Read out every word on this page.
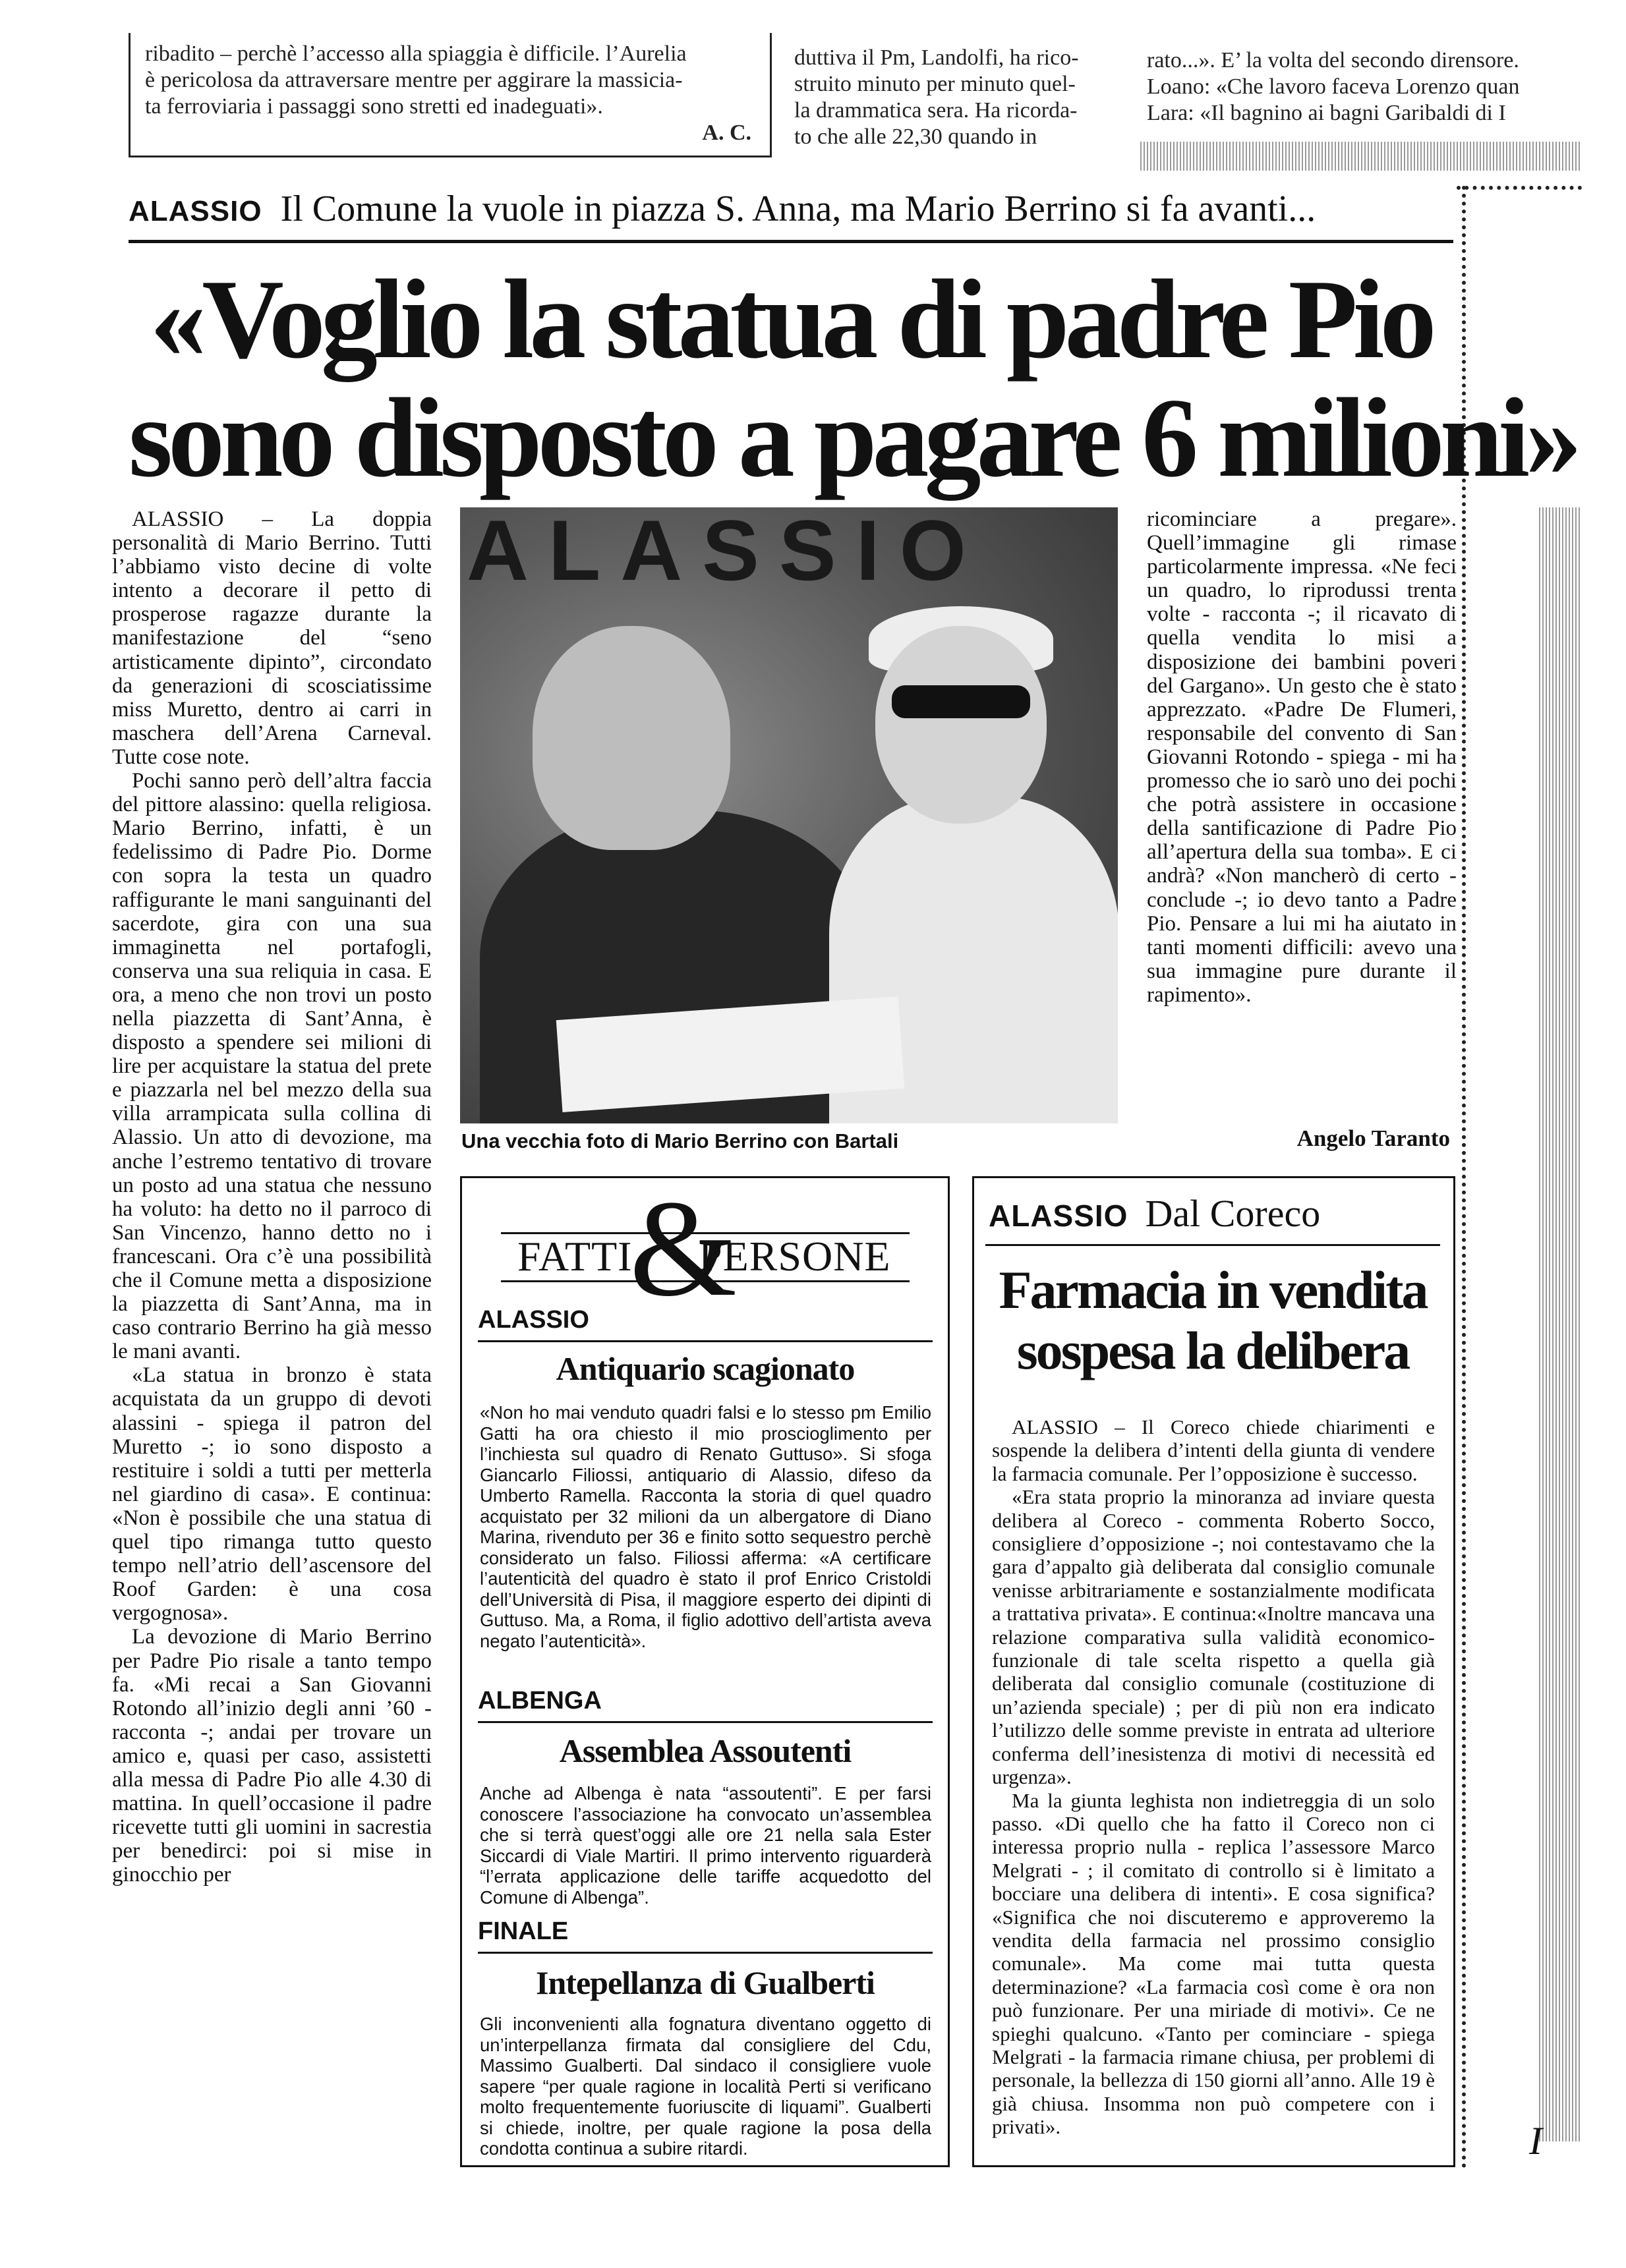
ribadito – perchè l’accesso alla spiaggia è difficile. l’Aurelia
è pericolosa da attraversare mentre per aggirare la massicia-
ta ferroviaria i passaggi sono stretti ed inadeguati».
A. C.
duttiva il Pm, Landolfi, ha rico-
struito minuto per minuto quel-
la drammatica sera. Ha ricorda-
to che alle 22,30 quando in
rato...». E’ la volta del secondo dirensore.
Loano: «Che lavoro faceva Lorenzo quan
Lara: «Il bagnino ai bagni Garibaldi di I
ALASSIO Il Comune la vuole in piazza S. Anna, ma Mario Berrino si fa avanti...
«Voglio la statua di padre Pio
sono disposto a pagare 6 milioni»

ALASSIO – La doppia personalità di Mario Berrino. Tutti l’abbiamo visto decine di volte intento a decorare il petto di prosperose ragazze durante la manifestazione del “seno artisticamente dipinto”, circondato da generazioni di scosciatissime miss Muretto, dentro ai carri in maschera dell’Arena Carneval. Tutte cose note.

Pochi sanno però dell’altra faccia del pittore alassino: quella religiosa. Mario Berrino, infatti, è un fedelissimo di Padre Pio. Dorme con sopra la testa un quadro raffigurante le mani sanguinanti del sacerdote, gira con una sua immaginetta nel portafogli, conserva una sua reliquia in casa. E ora, a meno che non trovi un posto nella piazzetta di Sant’Anna, è disposto a spendere sei milioni di lire per acquistare la statua del prete e piazzarla nel bel mezzo della sua villa arrampicata sulla collina di Alassio. Un atto di devozione, ma anche l’estremo tentativo di trovare un posto ad una statua che nessuno ha voluto: ha detto no il parroco di San Vincenzo, hanno detto no i francescani. Ora c’è una possibilità che il Comune metta a disposizione la piazzetta di Sant’Anna, ma in caso contrario Berrino ha già messo le mani avanti.

«La statua in bronzo è stata acquistata da un gruppo di devoti alassini - spiega il patron del Muretto -; io sono disposto a restituire i soldi a tutti per metterla nel giardino di casa». E continua: «Non è possibile che una statua di quel tipo rimanga tutto questo tempo nell’atrio dell’ascensore del Roof Garden: è una cosa vergognosa».

La devozione di Mario Berrino per Padre Pio risale a tanto tempo fa. «Mi recai a San Giovanni Rotondo all’inizio degli anni ’60 - racconta -; andai per trovare un amico e, quasi per caso, assistetti alla messa di Padre Pio alle 4.30 di mattina. In quell’occasione il padre ricevette tutti gli uomini in sacrestia per benedirci: poi si mise in ginocchio per

ALASSIO
Una vecchia foto di Mario Berrino con Bartali

ricominciare a pregare». Quell’immagine gli rimase particolarmente impressa. «Ne feci un quadro, lo riprodussi trenta volte - racconta -; il ricavato di quella vendita lo misi a disposizione dei bambini poveri del Gargano». Un gesto che è stato apprezzato. «Padre De Flumeri, responsabile del convento di San Giovanni Rotondo - spiega - mi ha promesso che io sarò uno dei pochi che potrà assistere in occasione della santificazione di Padre Pio all’apertura della sua tomba». E ci andrà? «Non mancherò di certo - conclude -; io devo tanto a Padre Pio. Pensare a lui mi ha aiutato in tanti momenti difficili: avevo una sua immagine pure durante il rapimento».

Angelo Taranto
FATTI
&
PERSONE
ALASSIO
Antiquario scagionato

«Non ho mai venduto quadri falsi e lo stesso pm Emilio Gatti ha ora chiesto il mio proscioglimento per l’inchiesta sul quadro di Renato Guttuso». Si sfoga Giancarlo Filiossi, antiquario di Alassio, difeso da Umberto Ramella. Racconta la storia di quel quadro acquistato per 32 milioni da un albergatore di Diano Marina, rivenduto per 36 e finito sotto sequestro perchè considerato un falso. Filiossi afferma: «A certificare l’autenticità del quadro è stato il prof Enrico Cristoldi dell’Università di Pisa, il maggiore esperto dei dipinti di Guttuso. Ma, a Roma, il figlio adottivo dell’artista aveva negato l’autenticità».

ALBENGA
Assemblea Assoutenti

Anche ad Albenga è nata “assoutenti”. E per farsi conoscere l’associazione ha convocato un’assemblea che si terrà quest’oggi alle ore 21 nella sala Ester Siccardi di Viale Martiri. Il primo intervento riguarderà “l’errata applicazione delle tariffe acquedotto del Comune di Albenga”.

FINALE
Intepellanza di Gualberti

Gli inconvenienti alla fognatura diventano oggetto di un’interpellanza firmata dal consigliere del Cdu, Massimo Gualberti. Dal sindaco il consigliere vuole sapere “per quale ragione in località Perti si verificano molto frequentemente fuoriuscite di liquami”. Gualberti si chiede, inoltre, per quale ragione la posa della condotta continua a subire ritardi.

ALASSIO Dal Coreco
Farmacia in vendita
sospesa la delibera

ALASSIO – Il Coreco chiede chiarimenti e sospende la delibera d’intenti della giunta di vendere la farmacia comunale. Per l’opposizione è successo.

«Era stata proprio la minoranza ad inviare questa delibera al Coreco - commenta Roberto Socco, consigliere d’opposizione -; noi contestavamo che la gara d’appalto già deliberata dal consiglio comunale venisse arbitrariamente e sostanzialmente modificata a trattativa privata». E continua:«Inoltre mancava una relazione comparativa sulla validità economico-funzionale di tale scelta rispetto a quella già deliberata dal consiglio comunale (costituzione di un’azienda speciale) ; per di più non era indicato l’utilizzo delle somme previste in entrata ad ulteriore conferma dell’inesistenza di motivi di necessità ed urgenza».

Ma la giunta leghista non indietreggia di un solo passo. «Di quello che ha fatto il Coreco non ci interessa proprio nulla - replica l’assessore Marco Melgrati - ; il comitato di controllo si è limitato a bocciare una delibera di intenti». E cosa significa? «Significa che noi discuteremo e approveremo la vendita della farmacia nel prossimo consiglio comunale». Ma come mai tutta questa determinazione? «La farmacia così come è ora non può funzionare. Per una miriade di motivi». Ce ne spieghi qualcuno. «Tanto per cominciare - spiega Melgrati - la farmacia rimane chiusa, per problemi di personale, la bellezza di 150 giorni all’anno. Alle 19 è già chiusa. Insomma non può competere con i privati».	I
